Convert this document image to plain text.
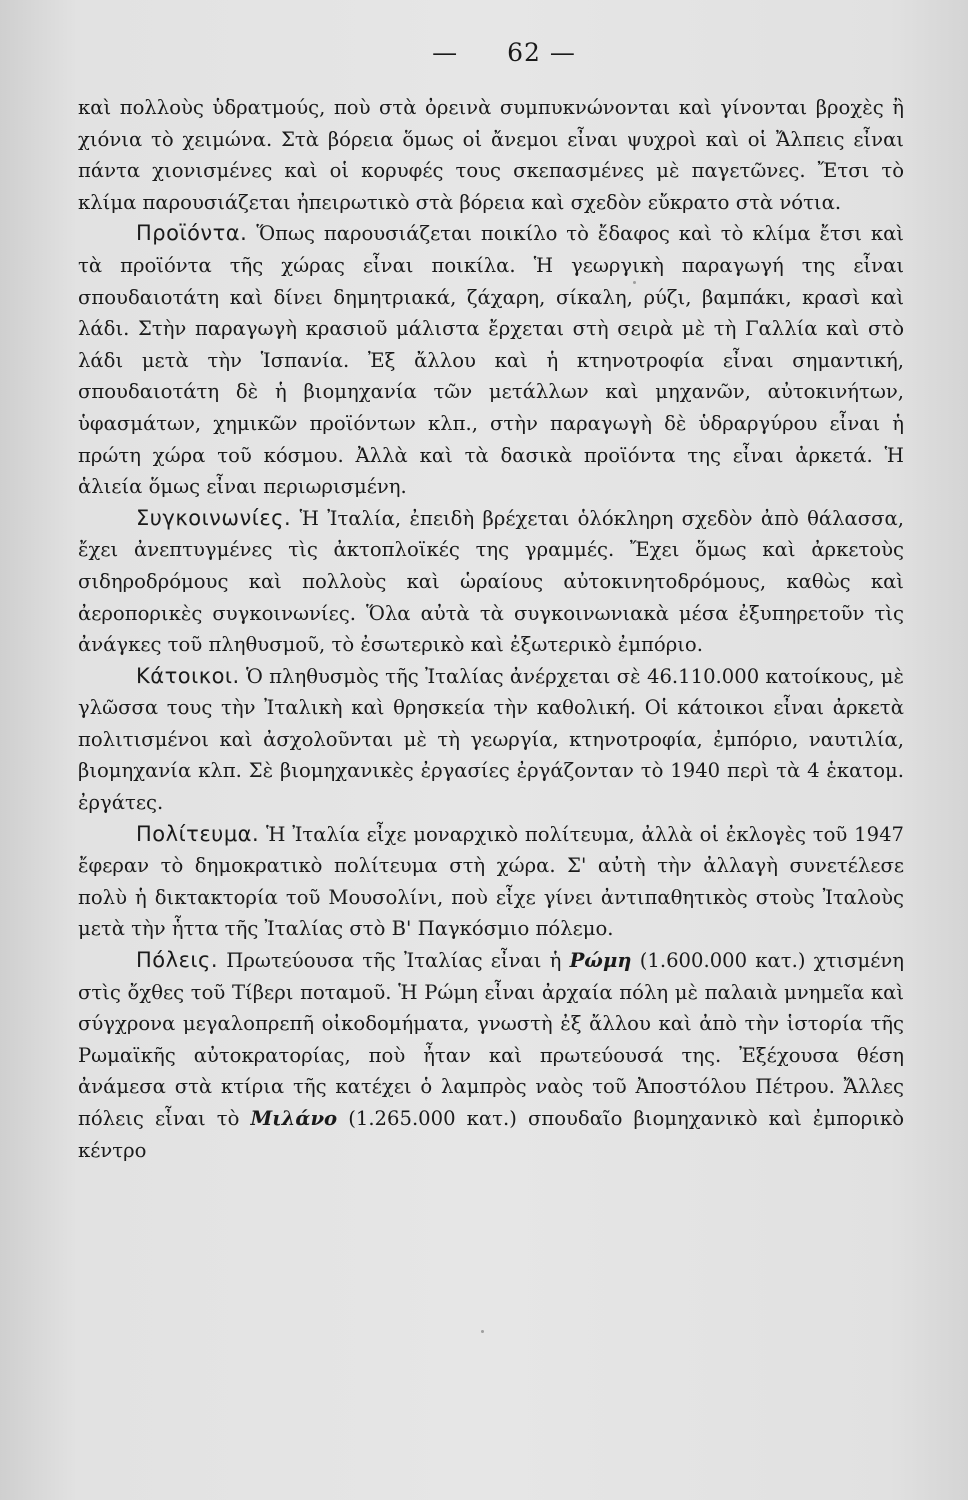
— 62 —

καὶ πολλοὺς ὑδρατμούς, ποὺ στὰ ὀρεινὰ συμπυκνώνονται καὶ γίνονται βροχὲς ἢ χιόνια τὸ χειμώνα. Στὰ βόρεια ὅμως οἱ ἄνεμοι εἶναι ψυχροὶ καὶ οἱ Ἄλπεις εἶναι πάντα χιονισμένες καὶ οἱ κορυφές τους σκεπασμένες μὲ παγετῶνες. Ἔτσι τὸ κλίμα παρουσιάζεται ἠπειρωτικὸ στὰ βόρεια καὶ σχεδὸν εὔκρατο στὰ νότια.

Προϊόντα. Ὅπως παρουσιάζεται ποικίλο τὸ ἔδαφος καὶ τὸ κλίμα ἔτσι καὶ τὰ προϊόντα τῆς χώρας εἶναι ποικίλα. Ἡ γεωργικὴ παραγωγή της εἶναι σπουδαιοτάτη καὶ δίνει δημητριακά, ζάχαρη, σίκαλη, ρύζι, βαμπάκι, κρασὶ καὶ λάδι. Στὴν παραγωγὴ κρασιοῦ μάλιστα ἔρχεται στὴ σειρὰ μὲ τὴ Γαλλία καὶ στὸ λάδι μετὰ τὴν Ἱσπανία. Ἐξ ἄλλου καὶ ἡ κτηνοτροφία εἶναι σημαντική, σπουδαιοτάτη δὲ ἡ βιομηχανία τῶν μετάλλων καὶ μηχανῶν, αὐτοκινήτων, ὑφασμάτων, χημικῶν προϊόντων κλπ., στὴν παραγωγὴ δὲ ὑδραργύρου εἶναι ἡ πρώτη χώρα τοῦ κόσμου. Ἀλλὰ καὶ τὰ δασικὰ προϊόντα της εἶναι ἀρκετά. Ἡ ἁλιεία ὅμως εἶναι περιωρισμένη.

Συγκοινωνίες. Ἡ Ἰταλία, ἐπειδὴ βρέχεται ὁλόκληρη σχεδὸν ἀπὸ θάλασσα, ἔχει ἀνεπτυγμένες τὶς ἀκτοπλοϊκές της γραμμές. Ἔχει ὅμως καὶ ἀρκετοὺς σιδηροδρόμους καὶ πολλοὺς καὶ ὡραίους αὐτοκινητοδρόμους, καθὼς καὶ ἀεροπορικὲς συγκοινωνίες. Ὅλα αὐτὰ τὰ συγκοινωνιακὰ μέσα ἐξυπηρετοῦν τὶς ἀνάγκες τοῦ πληθυσμοῦ, τὸ ἐσωτερικὸ καὶ ἐξωτερικὸ ἐμπόριο.

Κάτοικοι. Ὁ πληθυσμὸς τῆς Ἰταλίας ἀνέρχεται σὲ 46.110.000 κατοίκους, μὲ γλῶσσα τους τὴν Ἰταλικὴ καὶ θρησκεία τὴν καθολική. Οἱ κάτοικοι εἶναι ἀρκετὰ πολιτισμένοι καὶ ἀσχολοῦνται μὲ τὴ γεωργία, κτηνοτροφία, ἐμπόριο, ναυτιλία, βιομηχανία κλπ. Σὲ βιομηχανικὲς ἐργασίες ἐργάζονταν τὸ 1940 περὶ τὰ 4 ἑκατομ. ἐργάτες.

Πολίτευμα. Ἡ Ἰταλία εἶχε μοναρχικὸ πολίτευμα, ἀλλὰ οἱ ἐκλογὲς τοῦ 1947 ἔφεραν τὸ δημοκρατικὸ πολίτευμα στὴ χώρα. Σ' αὐτὴ τὴν ἀλλαγὴ συνετέλεσε πολὺ ἡ δικτακτορία τοῦ Μουσολίνι, ποὺ εἶχε γίνει ἀντιπαθητικὸς στοὺς Ἰταλοὺς μετὰ τὴν ἧττα τῆς Ἰταλίας στὸ Β' Παγκόσμιο πόλεμο.

Πόλεις. Πρωτεύουσα τῆς Ἰταλίας εἶναι ἡ Ρώμη (1.600.000 κατ.) χτισμένη στὶς ὄχθες τοῦ Τίβερι ποταμοῦ. Ἡ Ρώμη εἶναι ἀρχαία πόλη μὲ παλαιὰ μνημεῖα καὶ σύγχρονα μεγαλοπρεπῆ οἰκοδομήματα, γνωστὴ ἐξ ἄλλου καὶ ἀπὸ τὴν ἱστορία τῆς Ρωμαϊκῆς αὐτοκρατορίας, ποὺ ἦταν καὶ πρωτεύουσά της. Ἐξέχουσα θέση ἀνάμεσα στὰ κτίρια τῆς κατέχει ὁ λαμπρὸς ναὸς τοῦ Ἀποστόλου Πέτρου. Ἄλλες πόλεις εἶναι τὸ Μιλάνο (1.265.000 κατ.) σπουδαῖο βιομηχανικὸ καὶ ἐμπορικὸ κέντρο
